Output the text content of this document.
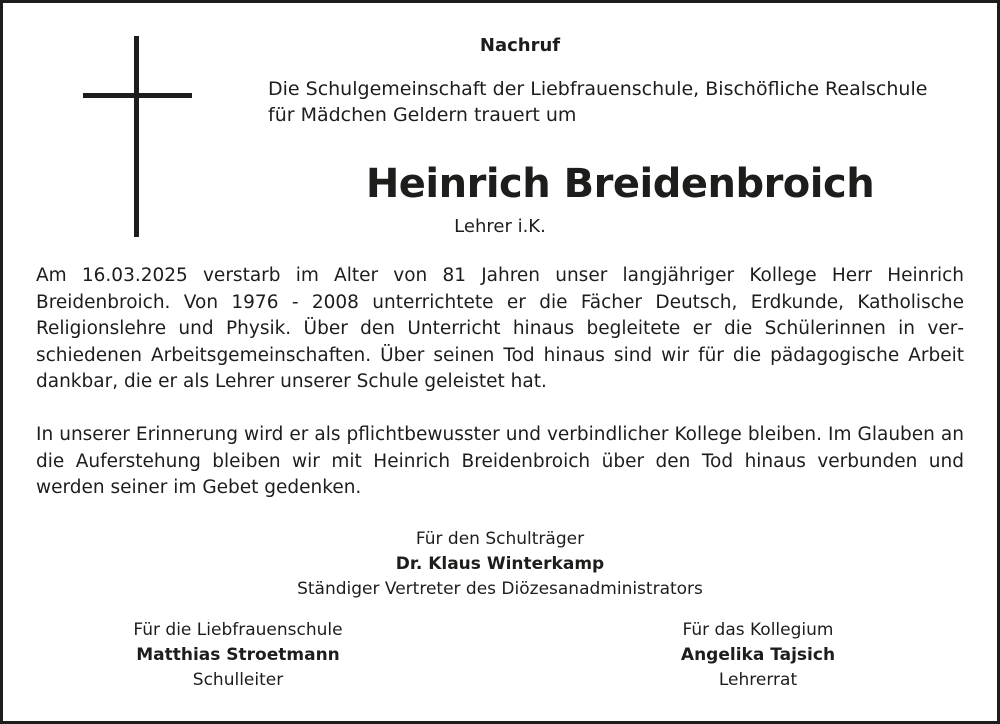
Nachruf
Die Schulgemeinschaft der Liebfrauenschule, Bischöfliche Realschule
für Mädchen Geldern trauert um
Heinrich Breidenbroich
Lehrer i.K.
Am 16.03.2025 verstarb im Alter von 81 Jahren unser langjähriger Kollege Herr Heinrich Breidenbroich. Von 1976 - 2008 unterrichtete er die Fächer Deutsch, Erdkunde, Katholische Religionslehre und Physik. Über den Unterricht hinaus begleitete er die Schülerinnen in verschiedenen Arbeitsgemeinschaften. Über seinen Tod hinaus sind wir für die pädagogische Arbeit dankbar, die er als Lehrer unserer Schule geleistet hat.
In unserer Erinnerung wird er als pflichtbewusster und verbindlicher Kollege bleiben. Im Glauben an die Auferstehung bleiben wir mit Heinrich Breidenbroich über den Tod hinaus verbunden und werden seiner im Gebet gedenken.
Für den Schulträger
Dr. Klaus Winterkamp
Ständiger Vertreter des Diözesanadministrators
Für die Liebfrauenschule
Matthias Stroetmann
Schulleiter
Für das Kollegium
Angelika Tajsich
Lehrerrat
